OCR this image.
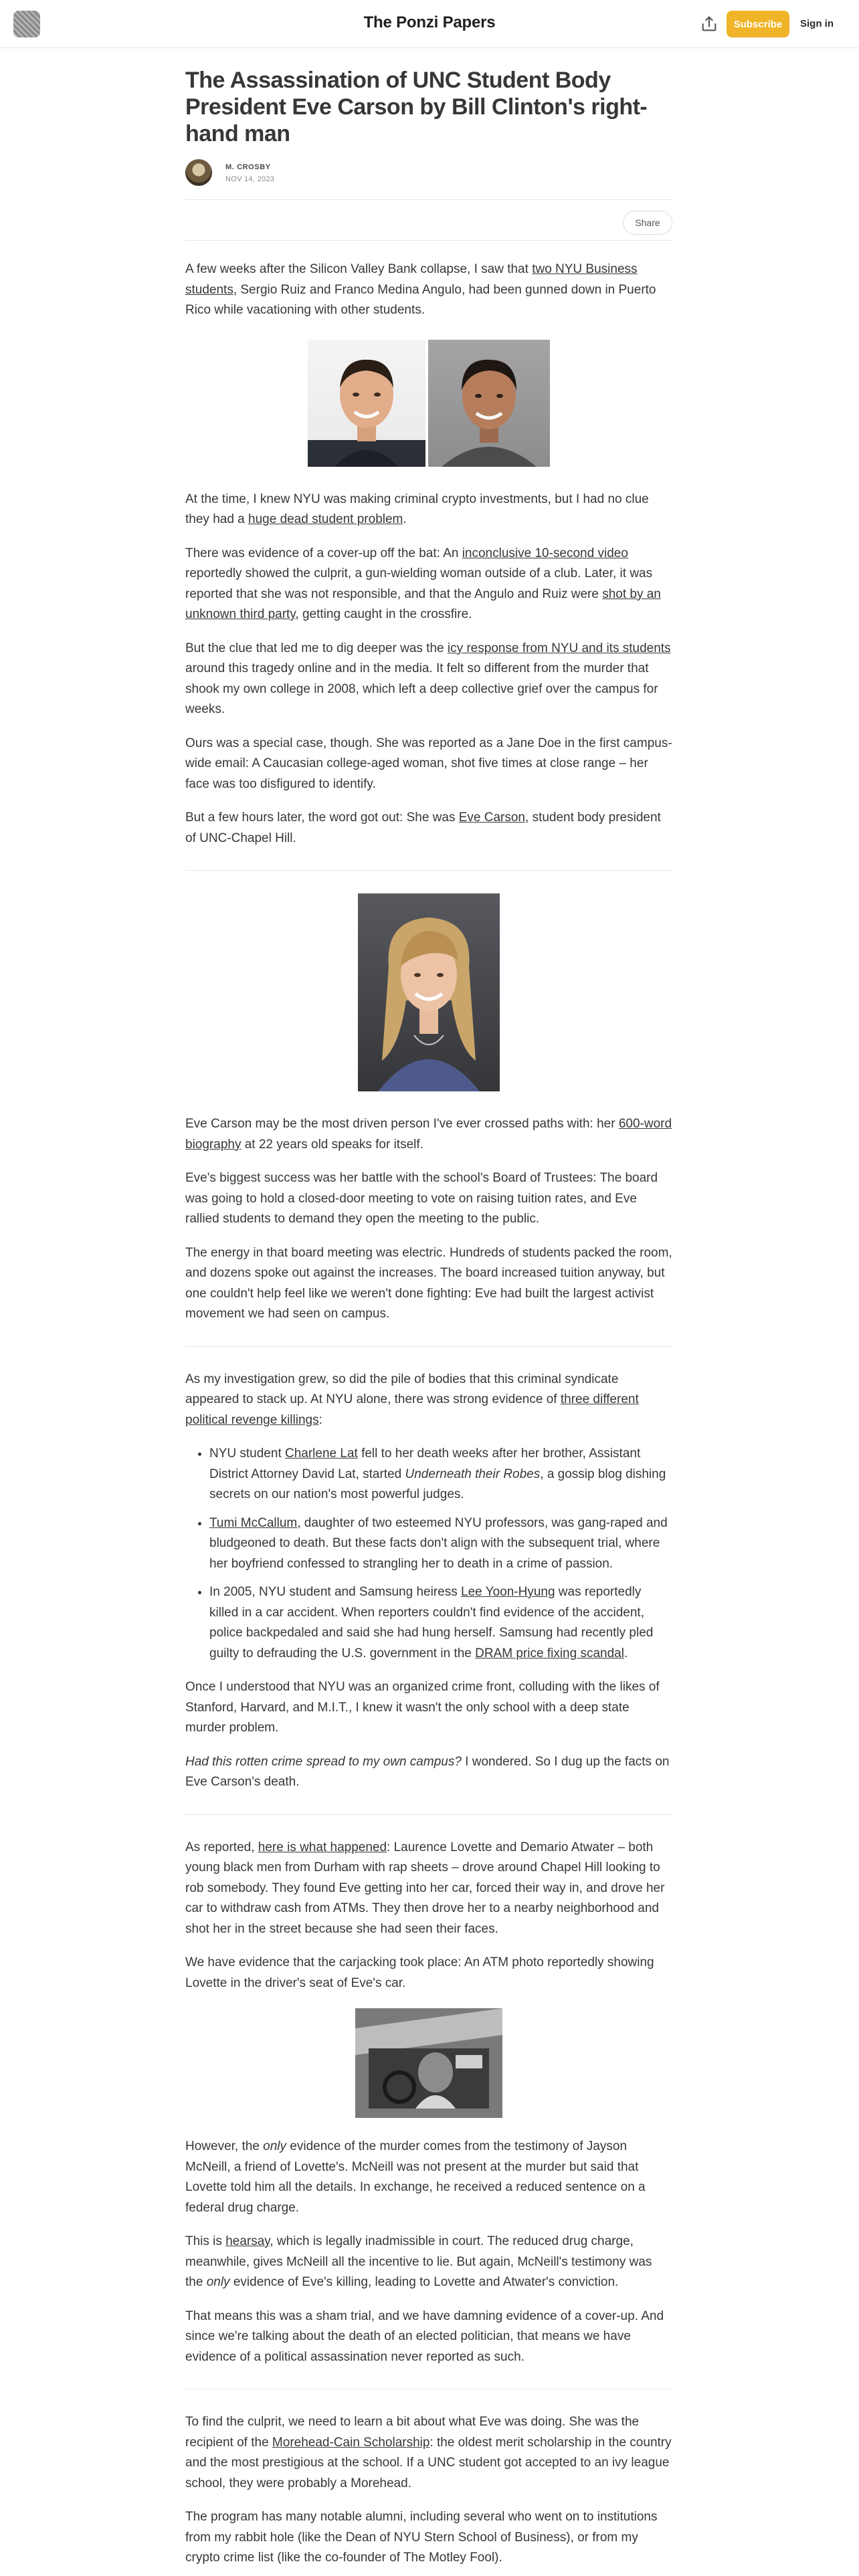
The Ponzi Papers	Subscribe	Sign in
The Assassination of UNC Student Body President Eve Carson by Bill Clinton's right-hand man
M. CROSBY
NOV 14, 2023
Share

A few weeks after the Silicon Valley Bank collapse, I saw that two NYU Business students, Sergio Ruiz and Franco Medina Angulo, had been gunned down in Puerto Rico while vacationing with other students.

At the time, I knew NYU was making criminal crypto investments, but I had no clue they had a huge dead student problem.

There was evidence of a cover-up off the bat: An inconclusive 10-second video reportedly showed the culprit, a gun-wielding woman outside of a club. Later, it was reported that she was not responsible, and that the Angulo and Ruiz were shot by an unknown third party, getting caught in the crossfire.

But the clue that led me to dig deeper was the icy response from NYU and its students around this tragedy online and in the media. It felt so different from the murder that shook my own college in 2008, which left a deep collective grief over the campus for weeks.

Ours was a special case, though. She was reported as a Jane Doe in the first campus-wide email: A Caucasian college-aged woman, shot five times at close range – her face was too disfigured to identify.

But a few hours later, the word got out: She was Eve Carson, student body president of UNC-Chapel Hill.

Eve Carson may be the most driven person I've ever crossed paths with: her 600-word biography at 22 years old speaks for itself.

Eve's biggest success was her battle with the school's Board of Trustees: The board was going to hold a closed-door meeting to vote on raising tuition rates, and Eve rallied students to demand they open the meeting to the public.

The energy in that board meeting was electric. Hundreds of students packed the room, and dozens spoke out against the increases. The board increased tuition anyway, but one couldn't help feel like we weren't done fighting: Eve had built the largest activist movement we had seen on campus.

As my investigation grew, so did the pile of bodies that this criminal syndicate appeared to stack up. At NYU alone, there was strong evidence of three different political revenge killings:

• NYU student Charlene Lat fell to her death weeks after her brother, Assistant District Attorney David Lat, started Underneath their Robes, a gossip blog dishing secrets on our nation's most powerful judges.
• Tumi McCallum, daughter of two esteemed NYU professors, was gang-raped and bludgeoned to death. But these facts don't align with the subsequent trial, where her boyfriend confessed to strangling her to death in a crime of passion.
• In 2005, NYU student and Samsung heiress Lee Yoon-Hyung was reportedly killed in a car accident. When reporters couldn't find evidence of the accident, police backpedaled and said she had hung herself. Samsung had recently pled guilty to defrauding the U.S. government in the DRAM price fixing scandal.

Once I understood that NYU was an organized crime front, colluding with the likes of Stanford, Harvard, and M.I.T., I knew it wasn't the only school with a deep state murder problem.

Had this rotten crime spread to my own campus? I wondered. So I dug up the facts on Eve Carson's death.

As reported, here is what happened: Laurence Lovette and Demario Atwater – both young black men from Durham with rap sheets – drove around Chapel Hill looking to rob somebody. They found Eve getting into her car, forced their way in, and drove her car to withdraw cash from ATMs. They then drove her to a nearby neighborhood and shot her in the street because she had seen their faces.

We have evidence that the carjacking took place: An ATM photo reportedly showing Lovette in the driver's seat of Eve's car.

However, the only evidence of the murder comes from the testimony of Jayson McNeill, a friend of Lovette's. McNeill was not present at the murder but said that Lovette told him all the details. In exchange, he received a reduced sentence on a federal drug charge.

This is hearsay, which is legally inadmissible in court. The reduced drug charge, meanwhile, gives McNeill all the incentive to lie. But again, McNeill's testimony was the only evidence of Eve's killing, leading to Lovette and Atwater's conviction.

That means this was a sham trial, and we have damning evidence of a cover-up. And since we're talking about the death of an elected politician, that means we have evidence of a political assassination never reported as such.

To find the culprit, we need to learn a bit about what Eve was doing. She was the recipient of the Morehead-Cain Scholarship: the oldest merit scholarship in the country and the most prestigious at the school. If a UNC student got accepted to an ivy league school, they were probably a Morehead.

The program has many notable alumni, including several who went on to institutions from my rabbit hole (like the Dean of NYU Stern School of Business), or from my crypto crime list (like the co-founder of The Motley Fool).
